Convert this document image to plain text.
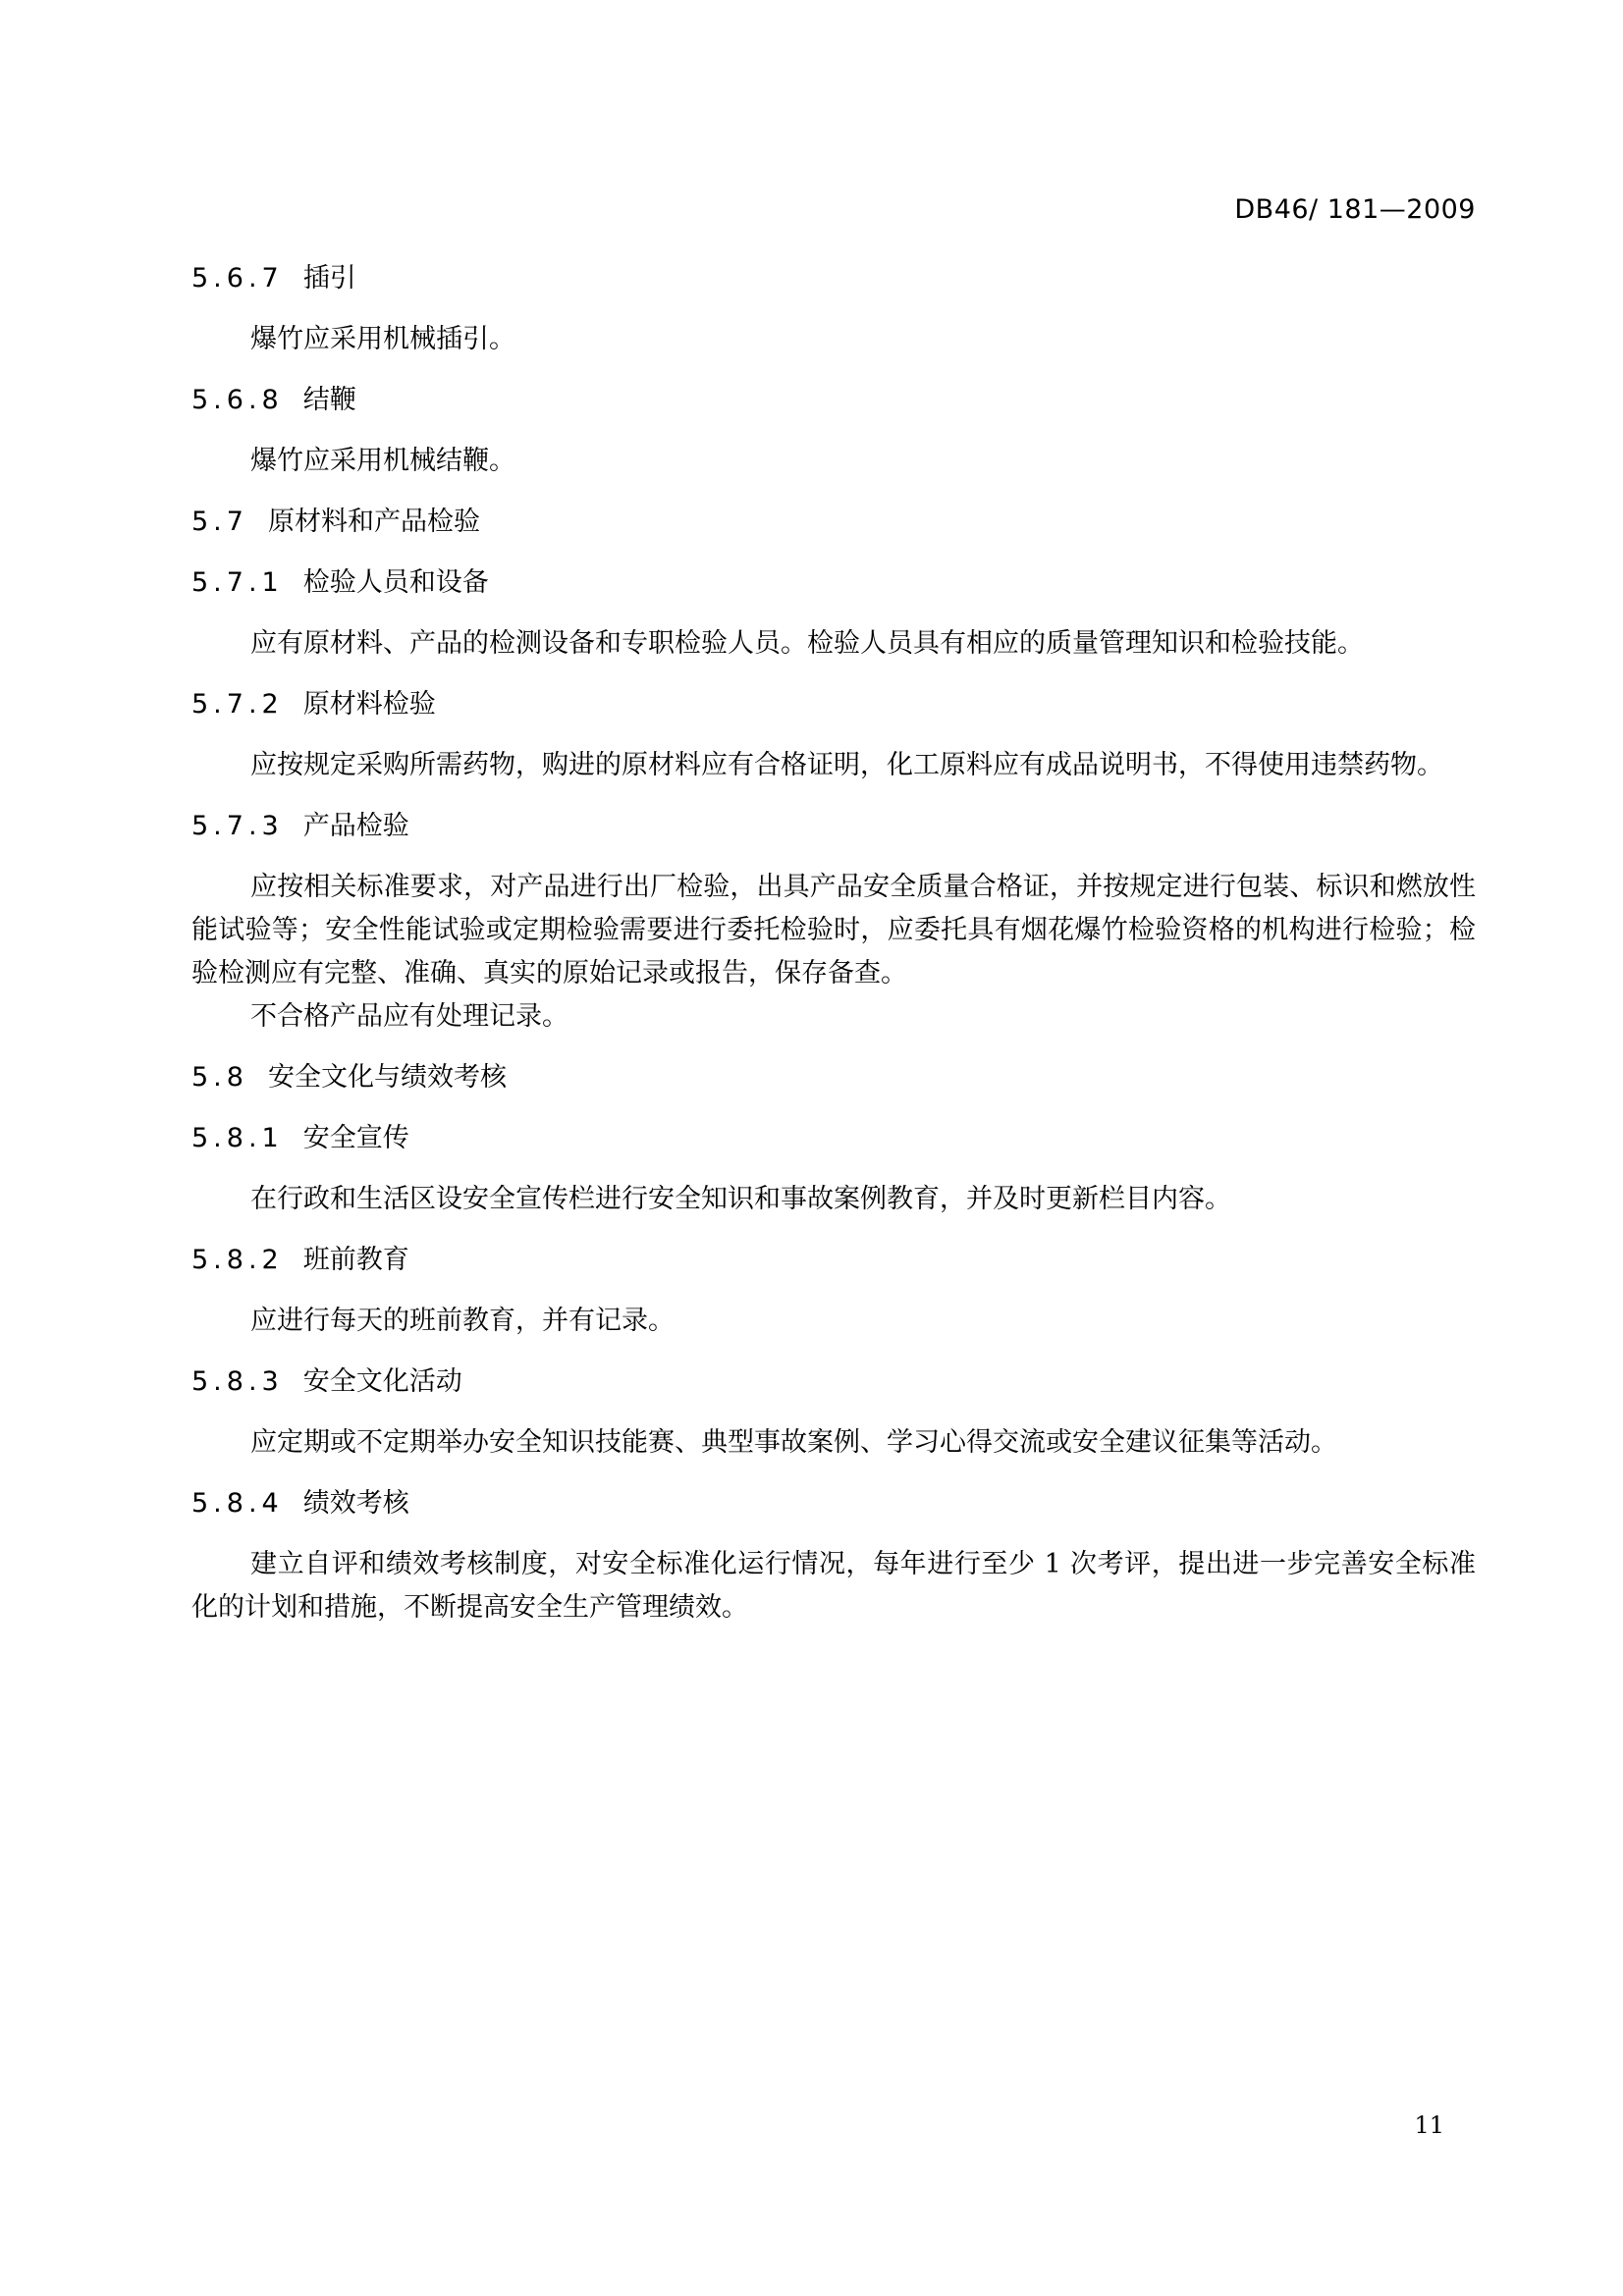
DB46/ 181—2009
5.6.7 插引

爆竹应采用机械插引。

5.6.8 结鞭

爆竹应采用机械结鞭。

5.7 原材料和产品检验
5.7.1 检验人员和设备

应有原材料、产品的检测设备和专职检验人员。检验人员具有相应的质量管理知识和检验技能。

5.7.2 原材料检验

应按规定采购所需药物，购进的原材料应有合格证明，化工原料应有成品说明书，不得使用违禁药物。

5.7.3 产品检验

应按相关标准要求，对产品进行出厂检验，出具产品安全质量合格证，并按规定进行包装、标识和燃放性能试验等；安全性能试验或定期检验需要进行委托检验时，应委托具有烟花爆竹检验资格的机构进行检验；检验检测应有完整、准确、真实的原始记录或报告，保存备查。

不合格产品应有处理记录。

5.8 安全文化与绩效考核
5.8.1 安全宣传

在行政和生活区设安全宣传栏进行安全知识和事故案例教育，并及时更新栏目内容。

5.8.2 班前教育

应进行每天的班前教育，并有记录。

5.8.3 安全文化活动

应定期或不定期举办安全知识技能赛、典型事故案例、学习心得交流或安全建议征集等活动。

5.8.4 绩效考核

建立自评和绩效考核制度，对安全标准化运行情况，每年进行至少 1 次考评，提出进一步完善安全标准化的计划和措施，不断提高安全生产管理绩效。

11
